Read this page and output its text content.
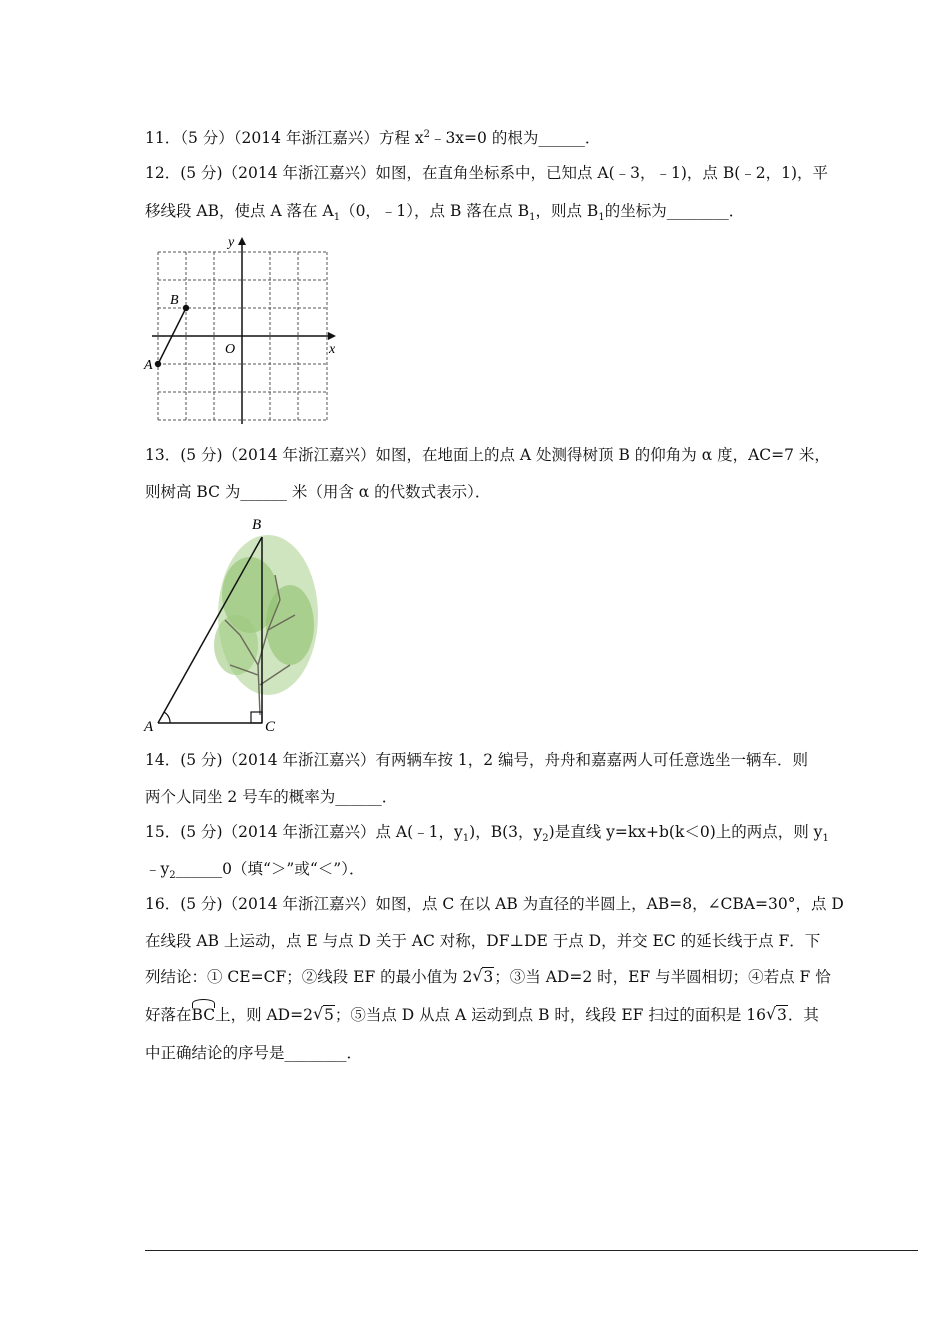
11．（5 分）（2014 年浙江嘉兴）方程 $x^2﹣3x=0$ 的根为______．
12．(5 分)（2014 年浙江嘉兴）如图，在直角坐标系中，已知点 A(﹣3，﹣1)，点 B(﹣2，1)，平
移线段 AB，使点 A 落在 $A_1(0$，﹣1），点 B 落在点 $B_1$，则点 $B_1$的坐标为________．
y
x
O
A
B
13．(5 分)（2014 年浙江嘉兴）如图，在地面上的点 A 处测得树顶 B 的仰角为 α 度，AC=7 米，
则树高 BC 为______ 米（用含 α 的代数式表示）．
A
B
C
14．(5 分)（2014 年浙江嘉兴）有两辆车按 1，2 编号，舟舟和嘉嘉两人可任意选坐一辆车．则
两个人同坐 2 号车的概率为______．
15．(5 分)（2014 年浙江嘉兴）点 A(﹣1，$y_1$)，B(3，$y_2$)是直线 y=kx+b(k＜0)上的两点，则 $y_1$
$﹣y_2\_\_\_\_\_\_0$（填“＞”或“＜”）．
16．(5 分)（2014 年浙江嘉兴）如图，点 C 在以 AB 为直径的半圆上，AB=8，∠CBA=30°，点 D
在线段 AB 上运动，点 E 与点 D 关于 AC 对称，DF⊥DE 于点 D，并交 EC 的延长线于点 F．下
列结论：① CE=CF；②线段 EF 的最小值为 2 √ 3；③当 AD=2 时，EF 与半圆相切；④若点 F 恰
好落在BC上，则 AD=2 √ 5；⑤当点 D 从点 A 运动到点 B 时，线段 EF 扫过的面积是 16 √ 3．其
中正确结论的序号是________．
